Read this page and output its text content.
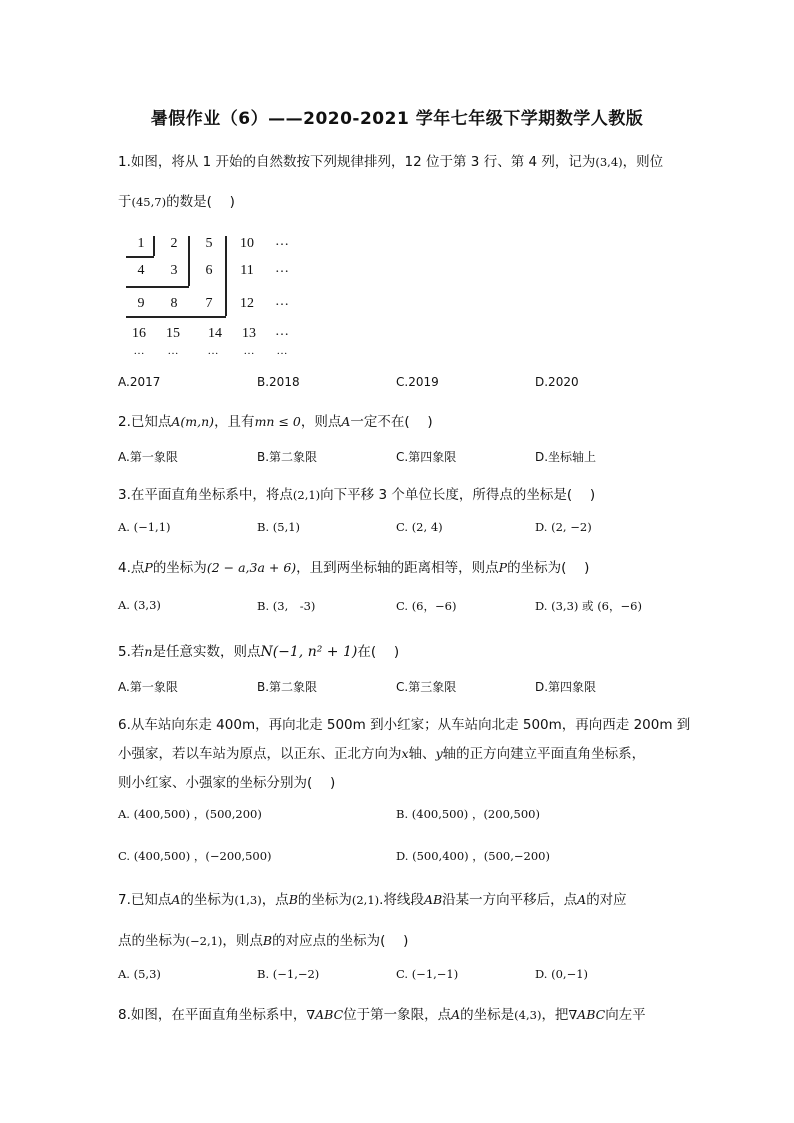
暑假作业（6）——2020-2021 学年七年级下学期数学人教版
1.如图，将从 1 开始的自然数按下列规律排列，12 位于第 3 行、第 4 列，记为(3,4)，则位
于(45,7)的数是(　 )
1	2	5	10 …
4	3	6	11	…
9	8	7	12 …
16 15 14 13 …
…	…	…	…	…
A.2017	B.2018	C.2019	D.2020
2.已知点A(m,n)，且有mn ≤ 0，则点A一定不在(　 )
A.第一象限	B.第二象限	C.第四象限	D.坐标轴上
3.在平面直角坐标系中，将点(2,1)向下平移 3 个单位长度，所得点的坐标是(　 )
A. (−1,1)	B. (5,1)	C. (2, 4)	D. (2, −2)
4.点P的坐标为(2 − a,3a + 6)，且到两坐标轴的距离相等，则点P的坐标为(　 )
A. (3,3)	B. (3,　-3)	C. (6，−6)	D. (3,3) 或 (6，−6)
5.若n是任意实数，则点N(−1, n² + 1)在(　 )
A.第一象限	B.第二象限	C.第三象限	D.第四象限
6.从车站向东走 400m，再向北走 500m 到小红家；从车站向北走 500m，再向西走 200m 到
小强家，若以车站为原点，以正东、正北方向为x轴、y轴的正方向建立平面直角坐标系，
则小红家、小强家的坐标分别为(　 )
A. (400,500) ，(500,200)	B. (400,500) ，(200,500)
C. (400,500) ，(−200,500)	D. (500,400) ，(500,−200)
7.已知点A的坐标为(1,3)，点B的坐标为(2,1).将线段AB沿某一方向平移后，点A的对应
点的坐标为(−2,1)，则点B的对应点的坐标为(　 )
A. (5,3)	B. (−1,−2)	C. (−1,−1)	D. (0,−1)
8.如图，在平面直角坐标系中，∇ABC位于第一象限，点A的坐标是(4,3)，把∇ABC向左平
